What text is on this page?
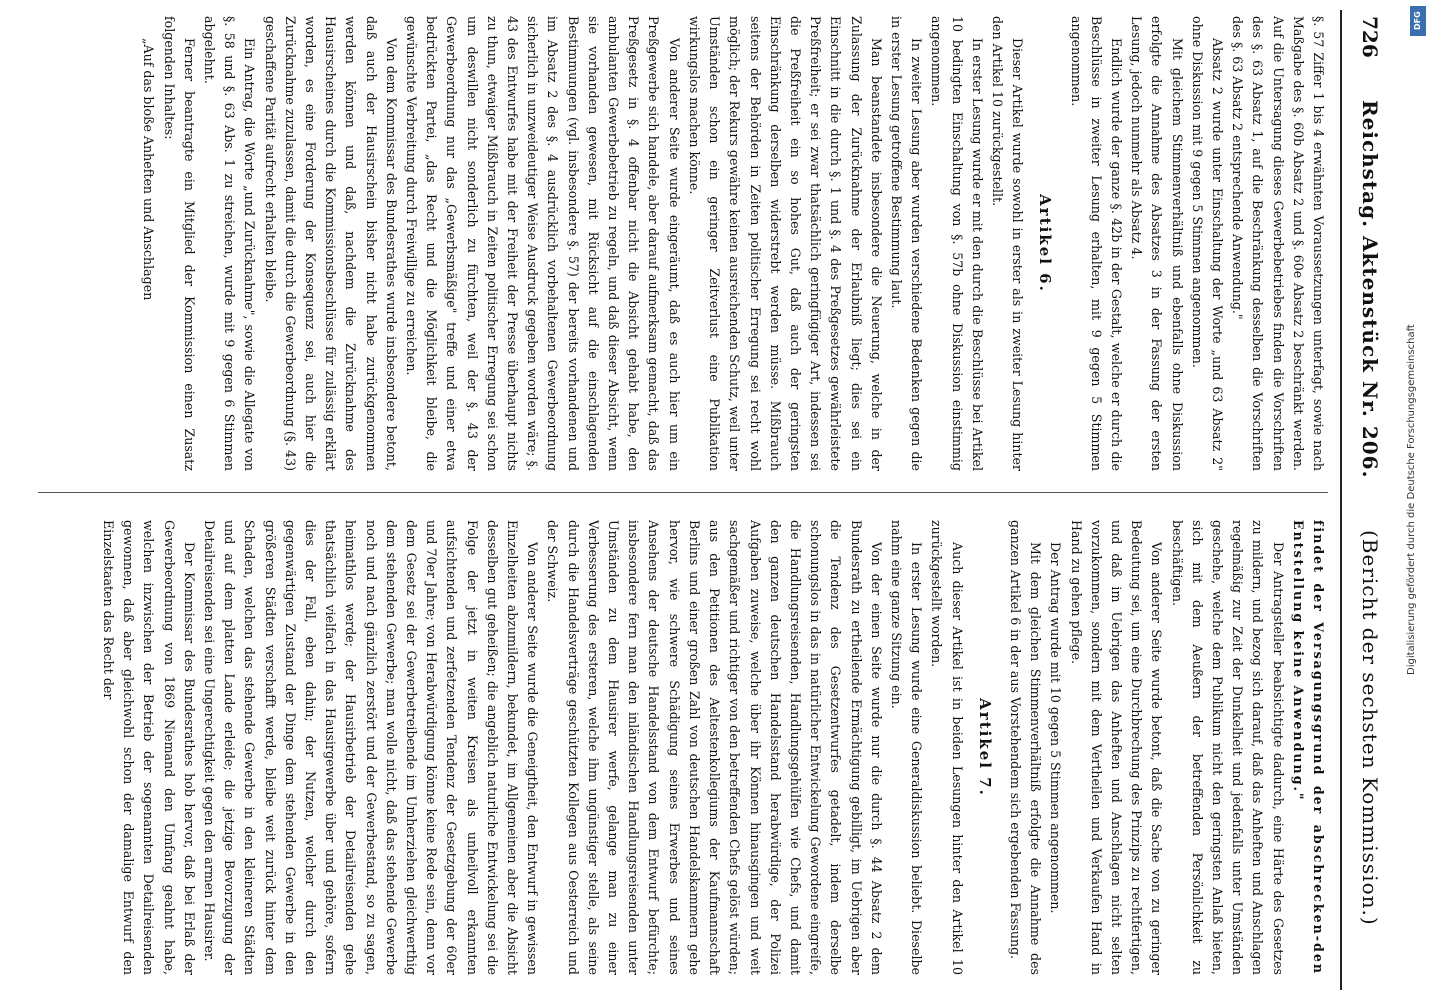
726
Reichstag. Aktenstück Nr. 206.
(Bericht der sechsten Kommission.)

§. 57 Ziffer 1 bis 4 erwähnten Voraussetzungen unterfagt, sowie nach Maßgabe des §. 60b Absatz 2 und §. 60e Absatz 2 beschränkt werden. Auf die Untersagung dieses Gewerbebetriebes finden die Vorschriften des §. 63 Absatz 1, auf die Beschränkung desselben die Vorschriften des §. 63 Absatz 2 entsprechende Anwendung."

Absatz 2 wurde unter Einschaltung der Worte „und 63 Absatz 2" ohne Diskussion mit 9 gegen 5 Stimmen angenommen.

Mit gleichem Stimmenverhältniß und ebenfalls ohne Diskussion erfolgte die Annahme des Absatzes 3 in der Fassung der ersten Lesung, jedoch nunmehr als Absatz 4.

Endlich wurde der ganze §. 42b in der Gestalt, welche er durch die Beschlüsse in zweiter Lesung erhalten, mit 9 gegen 5 Stimmen angenommen.

Artikel 6.

Dieser Artikel wurde sowohl in erster als in zweiter Lesung hinter den Artikel 10 zurückgestellt.

In erster Lesung wurde er mit den durch die Beschlüsse bei Artikel 10 bedingten Einschaltung von §. 57b ohne Diskussion einstimmig angenommen.

In zweiter Lesung aber wurden verschiedene Bedenken gegen die in erster Lesung getroffene Bestimmung laut.

Man beanstandete insbesondere die Neuerung, welche in der Zulassung der Zurücknahme der Erlaubniß liegt; dies sei ein Einschnitt in die durch §. 1 und §. 4 des Preßgesetzes gewährleistete Preßfreiheit; er sei zwar thatsächlich geringfügiger Art, indessen sei die Preßfreiheit ein so hohes Gut, daß auch der geringsten Einschränkung derselben widerstrebt werden müsse. Mißbrauch seitens der Behörden in Zeiten politischer Erregung sei recht wohl möglich; der Rekurs gewähre keinen ausreichenden Schutz, weil unter Umständen schon ein geringer Zeitverlust eine Publikation wirkungslos machen könne.

Von anderer Seite wurde eingeräumt, daß es auch hier um ein Preßgewerbe sich handele, aber darauf aufmerksam gemacht, daß das Preßgesetz in §. 4 offenbar nicht die Absicht gehabt habe, den ambulanten Gewerbebetrieb zu regeln, und daß dieser Absicht, wenn sie vorhanden gewesen, mit Rücksicht auf die einschlagenden Bestimmungen (vgl. insbesondere §. 57) der bereits vorhandenen und im Absatz 2 des §. 4 ausdrücklich vorbehaltenen Gewerbeordnung sicherlich in unzweideutiger Weise Ausdruck gegeben worden wäre; §. 43 des Entwurfes habe mit der Freiheit der Presse überhaupt nichts zu thun, etwaiger Mißbrauch in Zeiten politischer Erregung sei schon um deswillen nicht sonderlich zu fürchten, weil der §. 43 der Gewerbeordnung nur das „Gewerbsmäßige" treffe und einer etwa bedrückten Partei, „das Recht und die Möglichkeit bleibe, die gewünschte Verbreitung durch Freiwillige zu erreichen.

Von dem Kommissar des Bundesrathes wurde insbesondere betont, daß auch der Hausirschein bisher nicht habe zurückgenommen werden können und daß, nachdem die Zurücknahme des Hausirscheines durch die Kommissionsbeschlüsse für zulässig erklärt worden, es eine Forderung der Konsequenz sei, auch hier die Zurücknahme zuzulassen, damit die durch die Gewerbeordnung (§. 43) geschaffene Parität aufrecht erhalten bleibe.

Ein Antrag, die Worte „und Zurücknahme", sowie die Allegate von §. 58 und §. 63 Abs. 1 zu streichen, wurde mit 9 gegen 6 Stimmen abgelehnt.

Ferner beantragte ein Mitglied der Kommission einen Zusatz folgenden Inhaltes:

„Auf das bloße Anheften und Anschlagen

findet der Versagungsgrund der abschrecken-den Entstellung keine Anwendung."

Der Antragsteller beabsichtigte dadurch, eine Härte des Gesetzes zu mildern, und bezog sich darauf, daß das Anheften und Anschlagen regelmäßig zur Zeit der Dunkelheit und jedenfalls unter Umständen geschehe, welche dem Publikum nicht den geringsten Anlaß bieten, sich mit dem Aeußern der betreffenden Persönlichkeit zu beschäftigen.

Von anderer Seite wurde betont, daß die Sache von zu geringer Bedeutung sei, um eine Durchbrechung des Prinzips zu rechtfertigen, und daß im Uebrigen das Anheften und Anschlagen nicht selten vorzukommen, sondern mit dem Vertheilen und Verkaufen Hand in Hand zu gehen pflege.

Der Antrag wurde mit 10 gegen 5 Stimmen angenommen.

Mit dem gleichen Stimmenverhältniß erfolgte die Annahme des ganzen Artikel 6 in der aus Vorstehendem sich ergebenden Fassung.

Artikel 7.

Auch dieser Artikel ist in beiden Lesungen hinter den Artikel 10 zurückgestellt worden.

In erster Lesung wurde eine Generaldiskussion beliebt. Dieselbe nahm eine ganze Sitzung ein.

Von der einen Seite wurde nur die durch §. 44 Absatz 2 dem Bundesrath zu ertheilende Ermächtigung gebilligt, im Uebrigen aber die Tendenz des Gesetzentwurfes getadelt, indem derselbe schonungslos in das in natürlicher Entwickelung Gewordene eingreife, die Handlungsreisenden, Handlungsgehülfen wie Chefs, und damit den ganzen deutschen Handelsstand herabwürdige, der Polizei Aufgaben zuweise, welche über ihr Können hinausgingen und weit sachgemäßer und richtiger von den betreffenden Chefs gelöst würden; aus den Petitionen des Aeltestenkollegiums der Kaufmannschaft Berlins und einer großen Zahl von deutschen Handelskammern gehe hervor, wie schwere Schädigung seines Erwerbes und seines Ansehens der deutsche Handelsstand von dem Entwurf befürchte; insbesondere fern man den inländischen Handlungsreisenden unter Umständen zu dem Hausirer werfe, gelange man zu einer Verbesserung des ersteren, welche ihm ungünstiger stelle, als seine durch die Handelsverträge geschützten Kollegen aus Oesterreich und der Schweiz.

Von anderer Seite wurde die Geneigtheit, den Entwurf in gewissen Einzelheiten abzumildern, bekundet, im Allgemeinen aber die Absicht desselben gut geheißen; die angeblich naturliche Entwickelung sei die Folge der jetzt in weiten Kreisen als unheilvoll erkannten aufsichtenden und zerfetzenden Tendenz der Gesetzgebung der 60er und 70er Jahre; von Herabwürdigung könne keine Rede sein, denn vor dem Gesetz sei der Gewerbetreibende im Umherziehen gleichwerthig dem stehenden Gewerbe; man wolle nicht, daß das stehende Gewerbe noch und nach gänzlich zerstört und der Gewerbestand, so zu sagen, heimathlos werde; der Hausirbetrieb der Detailreisenden gehe thatsächlich vielfach in das Hausirgewerbe über und gehöre, sofern dies der Fall, eben dahin; der Nutzen, welcher durch den gegenwärtigen Zustand der Dinge dem stehenden Gewerbe in den größeren Städten verschafft werde, bleibe weit zurück hinter dem Schaden, welchen das stehende Gewerbe in den kleineren Städten und auf dem platten Lande erleide; die jetzige Bevorzugung der Detailreisenden sei eine Ungerechtigkeit gegen den armen Hausirer.

Der Kommissar des Bundesrathes hob hervor, daß bei Erlaß der Gewerbeordnung von 1869 Niemand den Umfang geahnt habe, welchen inzwischen der Betrieb der sogenannten Detailreisenden gewonnen, daß aber gleichwohl schon der damalige Entwurf den Einzelstaaten das Recht der

DFG
Digitalisierung gefördert durch die Deutsche Forschungsgemeinschaft
